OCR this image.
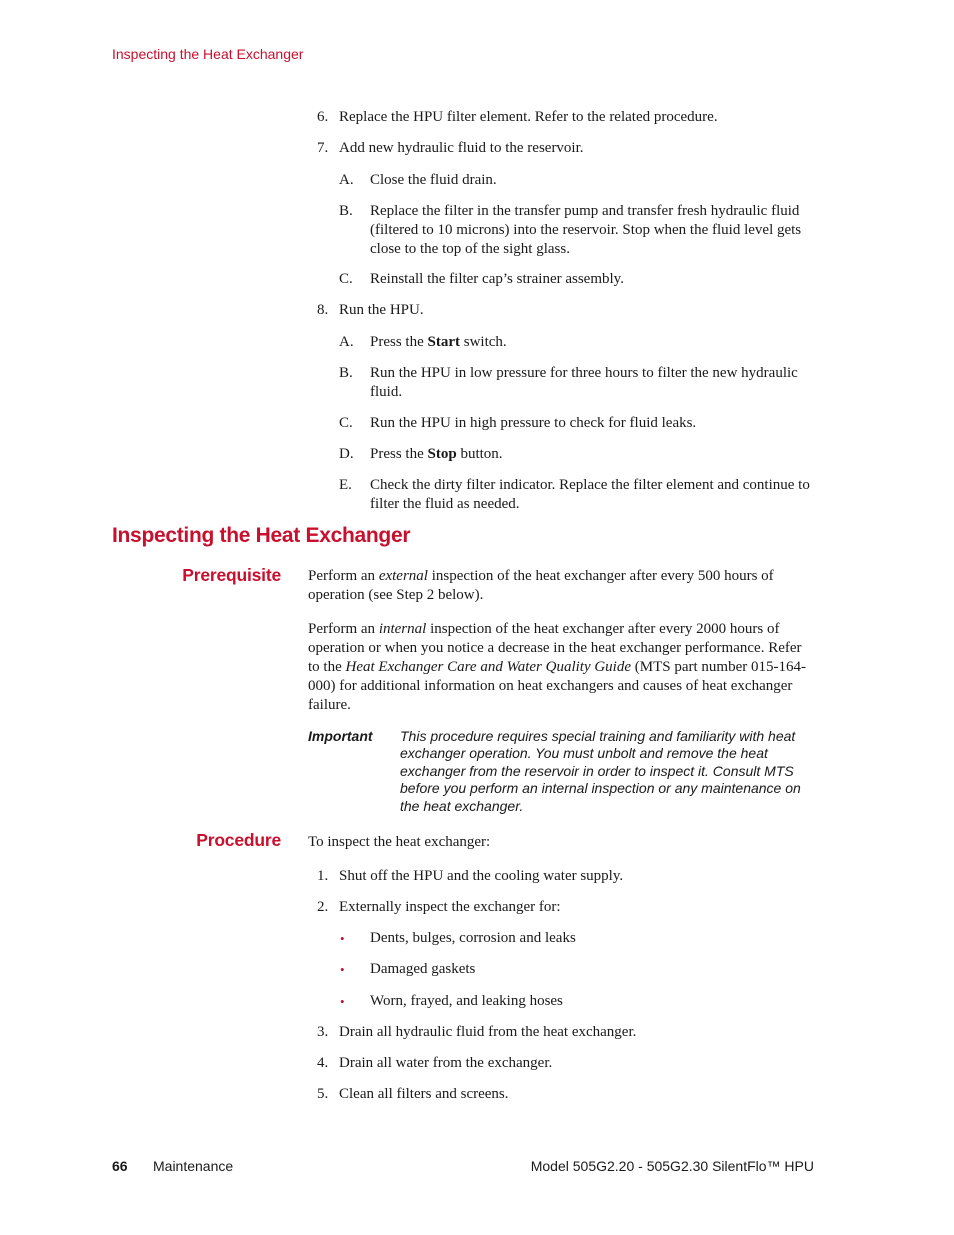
Inspecting the Heat Exchanger
6. Replace the HPU filter element. Refer to the related procedure.
7. Add new hydraulic fluid to the reservoir.
A.	Close the fluid drain.
B.	Replace the filter in the transfer pump and transfer fresh hydraulic fluid (filtered to 10 microns) into the reservoir. Stop when the fluid level gets close to the top of the sight glass.
C.	Reinstall the filter cap’s strainer assembly.
8. Run the HPU.
A.	Press the Start switch.
B.	Run the HPU in low pressure for three hours to filter the new hydraulic fluid.
C.	Run the HPU in high pressure to check for fluid leaks.
D.	Press the Stop button.
E.	Check the dirty filter indicator. Replace the filter element and continue to filter the fluid as needed.
Inspecting the Heat Exchanger
Prerequisite Perform an external inspection of the heat exchanger after every 500 hours of operation (see Step 2 below).
Perform an internal inspection of the heat exchanger after every 2000 hours of operation or when you notice a decrease in the heat exchanger performance. Refer to the Heat Exchanger Care and Water Quality Guide (MTS part number 015-164-000) for additional information on heat exchangers and causes of heat exchanger failure.
Important This procedure requires special training and familiarity with heat exchanger operation. You must unbolt and remove the heat exchanger from the reservoir in order to inspect it. Consult MTS before you perform an internal inspection or any maintenance on the heat exchanger.
Procedure To inspect the heat exchanger:
1. Shut off the HPU and the cooling water supply.
2. Externally inspect the exchanger for:
• Dents, bulges, corrosion and leaks
• Damaged gaskets
• Worn, frayed, and leaking hoses
3. Drain all hydraulic fluid from the heat exchanger.
4. Drain all water from the exchanger.
5. Clean all filters and screens.
66 Maintenance	Model 505G2.20 - 505G2.30 SilentFlo™ HPU
